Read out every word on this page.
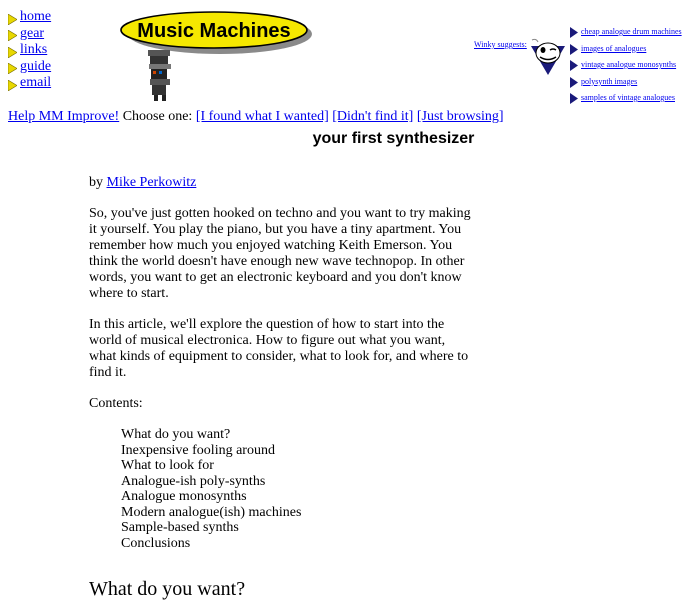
home
gear
links
guide
email
Music Machines
Winky suggests:
cheap analogue drum machines
images of analogues
vintage analogue monosynths
polysynth images
samples of vintage analogues
Help MM Improve! Choose one: [I found what I wanted] [Didn't find it] [Just browsing]
your first synthesizer

by Mike Perkowitz

So, you've just gotten hooked on techno and you want to try making it yourself. You play the piano, but you have a tiny apartment. You remember how much you enjoyed watching Keith Emerson. You think the world doesn't have enough new wave technopop. In other words, you want to get an electronic keyboard and you don't know where to start.

In this article, we'll explore the question of how to start into the world of musical electronica. How to figure out what you want, what kinds of equipment to consider, what to look for, and where to find it.

Contents:

What do you want?
Inexpensive fooling around
What to look for
Analogue-ish poly-synths
Analogue monosynths
Modern analogue(ish) machines
Sample-based synths
Conclusions
What do you want?
